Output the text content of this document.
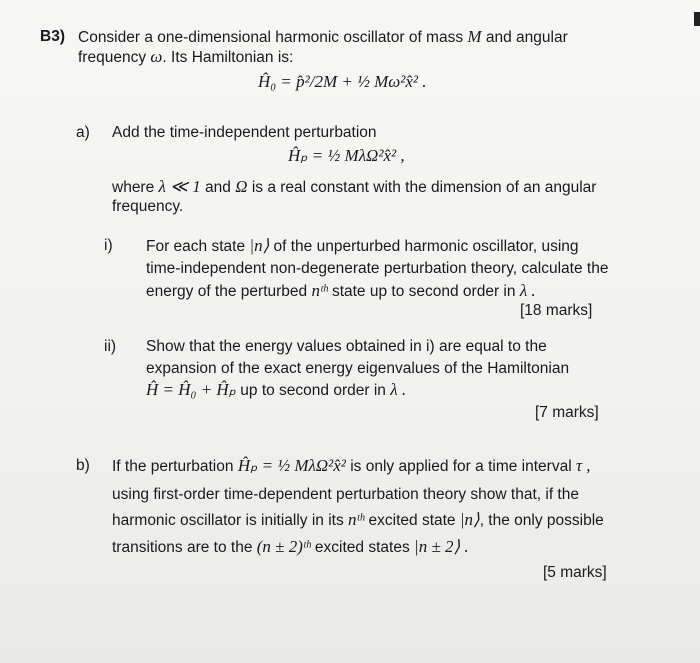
B3) Consider a one-dimensional harmonic oscillator of mass M and angular
frequency ω. Its Hamiltonian is:
Ĥ₀ = p̂²/2M + ½ Mω²x̂² .
a) Add the time-independent perturbation
Ĥₚ = ½ MλΩ²x̂² ,
where λ ≪ 1 and Ω is a real constant with the dimension of an angular
frequency.
i) For each state |n⟩ of the unperturbed harmonic oscillator, using
time-independent non-degenerate perturbation theory, calculate the
energy of the perturbed nᵗʰ state up to second order in λ .
[18 marks]
ii) Show that the energy values obtained in i) are equal to the
expansion of the exact energy eigenvalues of the Hamiltonian
Ĥ = Ĥ₀ + Ĥₚ up to second order in λ .
[7 marks]
b) If the perturbation Ĥₚ = ½ MλΩ²x̂² is only applied for a time interval τ ,
using first-order time-dependent perturbation theory show that, if the
harmonic oscillator is initially in its nᵗʰ excited state |n⟩, the only possible
transitions are to the (n ± 2)ᵗʰ excited states |n ± 2⟩ .
[5 marks]
